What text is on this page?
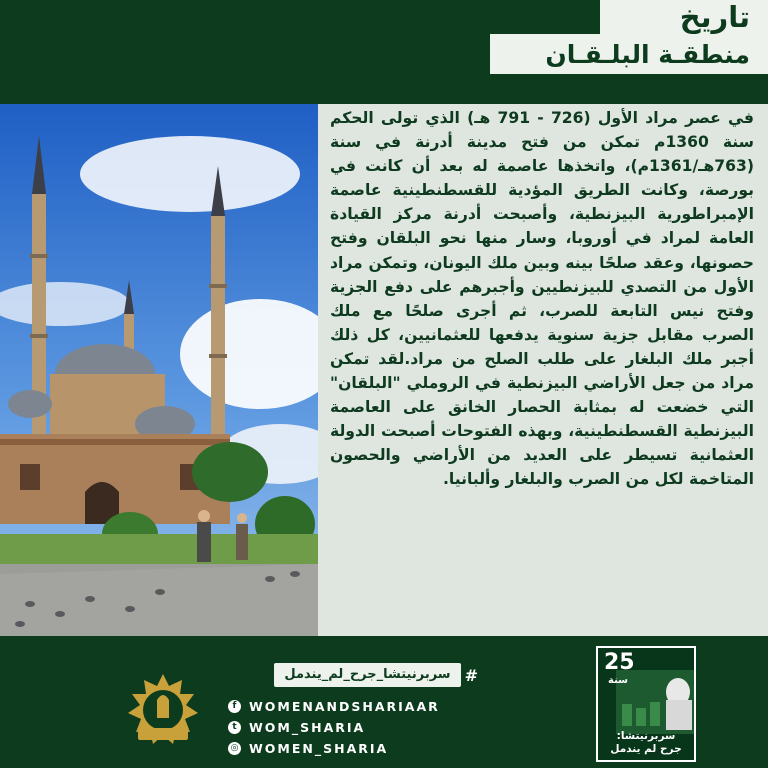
تاريخ
منطقـة البلـقـان

في عصر مراد الأول (726 - 791 هـ) الذي تولى الحكم سنة 1360م تمكن من فتح مدينة أدرنة في سنة (763هـ/1361م)، واتخذها عاصمة له بعد أن كانت في بورصة، وكانت الطريق المؤدية للقسطنطينية عاصمة الإمبراطورية البيزنطية، وأصبحت أدرنة مركز القيادة العامة لمراد في أوروبا، وسار منها نحو البلقان وفتح حصونها، وعقد صلحًا بينه وبين ملك اليونان، وتمكن مراد الأول من التصدي للبيزنطيين وأجبرهم على دفع الجزية وفتح نيس التابعة للصرب، ثم أجرى صلحًا مع ملك الصرب مقابل جزية سنوية يدفعها للعثمانيين، كل ذلك أجبر ملك البلغار على طلب الصلح من مراد.لقد تمكن مراد من جعل الأراضي البيزنطية في الروملي "البلقان" التي خضعت له بمثابة الحصار الخانق على العاصمة البيزنطية القسطنطينية، وبهذه الفتوحات أصبحت الدولة العثمانية تسيطر على العديد من الأراضي والحصون المتاخمة لكل من الصرب والبلغار وألبانيا.

#
سربرنيتشا_جرح_لم_يندمل
f	WOMENANDSHARIAAR
t WOM_SHARIA
◎ WOMEN_SHARIA
25
سنة
سربرنيتشا:
جرح لم يندمل
